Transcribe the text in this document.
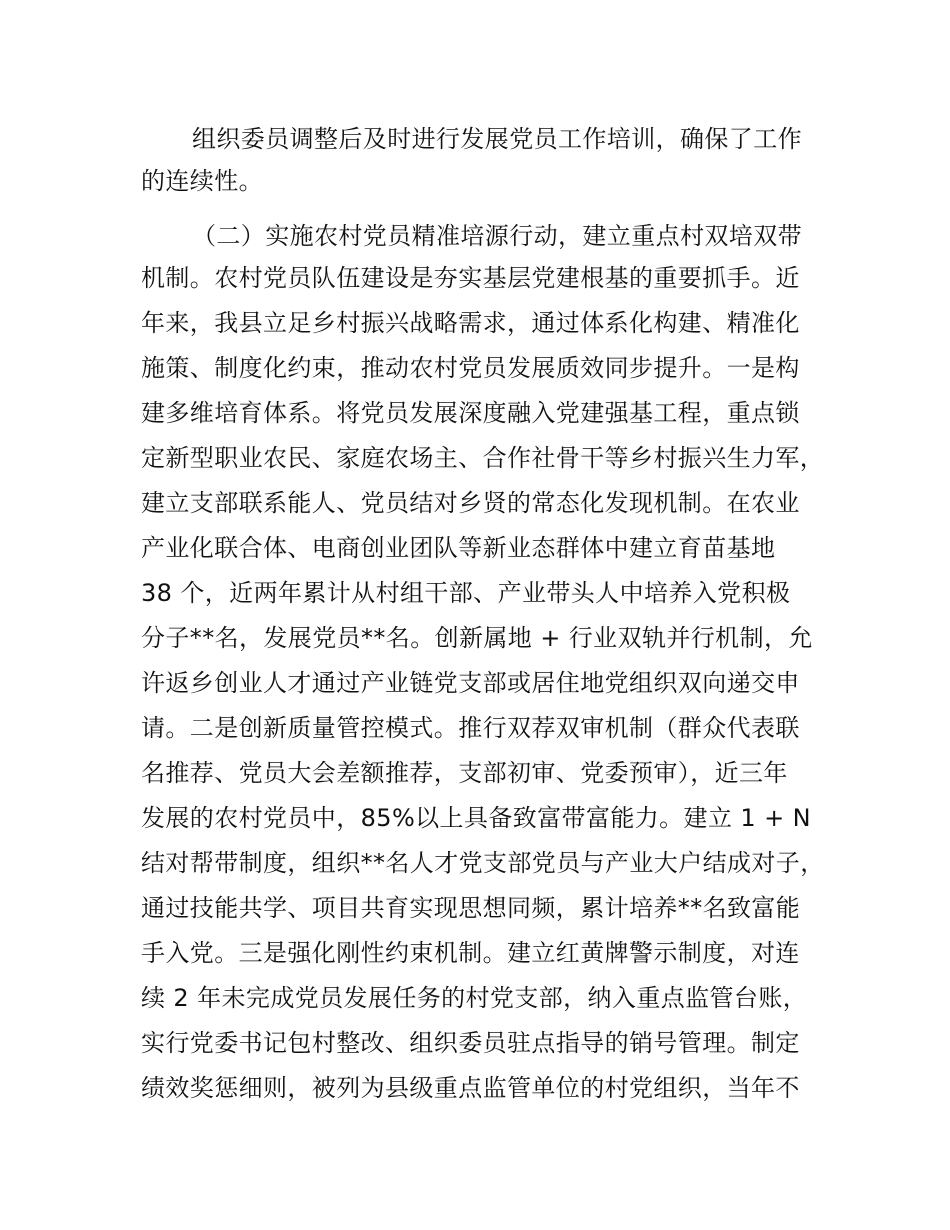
组织委员调整后及时进行发展党员工作培训，确保了工作
的连续性。
（二）实施农村党员精准培源行动，建立重点村双培双带
机制。农村党员队伍建设是夯实基层党建根基的重要抓手。近
年来，我县立足乡村振兴战略需求，通过体系化构建、精准化
施策、制度化约束，推动农村党员发展质效同步提升。一是构
建多维培育体系。将党员发展深度融入党建强基工程，重点锁
定新型职业农民、家庭农场主、合作社骨干等乡村振兴生力军，
建立支部联系能人、党员结对乡贤的常态化发现机制。在农业
产业化联合体、电商创业团队等新业态群体中建立育苗基地
38 个，近两年累计从村组干部、产业带头人中培养入党积极
分子**名，发展党员**名。创新属地 + 行业双轨并行机制，允
许返乡创业人才通过产业链党支部或居住地党组织双向递交申
请。二是创新质量管控模式。推行双荐双审机制（群众代表联
名推荐、党员大会差额推荐，支部初审、党委预审），近三年
发展的农村党员中，85%以上具备致富带富能力。建立 1 + N
结对帮带制度，组织**名人才党支部党员与产业大户结成对子，
通过技能共学、项目共育实现思想同频，累计培养**名致富能
手入党。三是强化刚性约束机制。建立红黄牌警示制度，对连
续 2 年未完成党员发展任务的村党支部，纳入重点监管台账，
实行党委书记包村整改、组织委员驻点指导的销号管理。制定
绩效奖惩细则，被列为县级重点监管单位的村党组织，当年不
